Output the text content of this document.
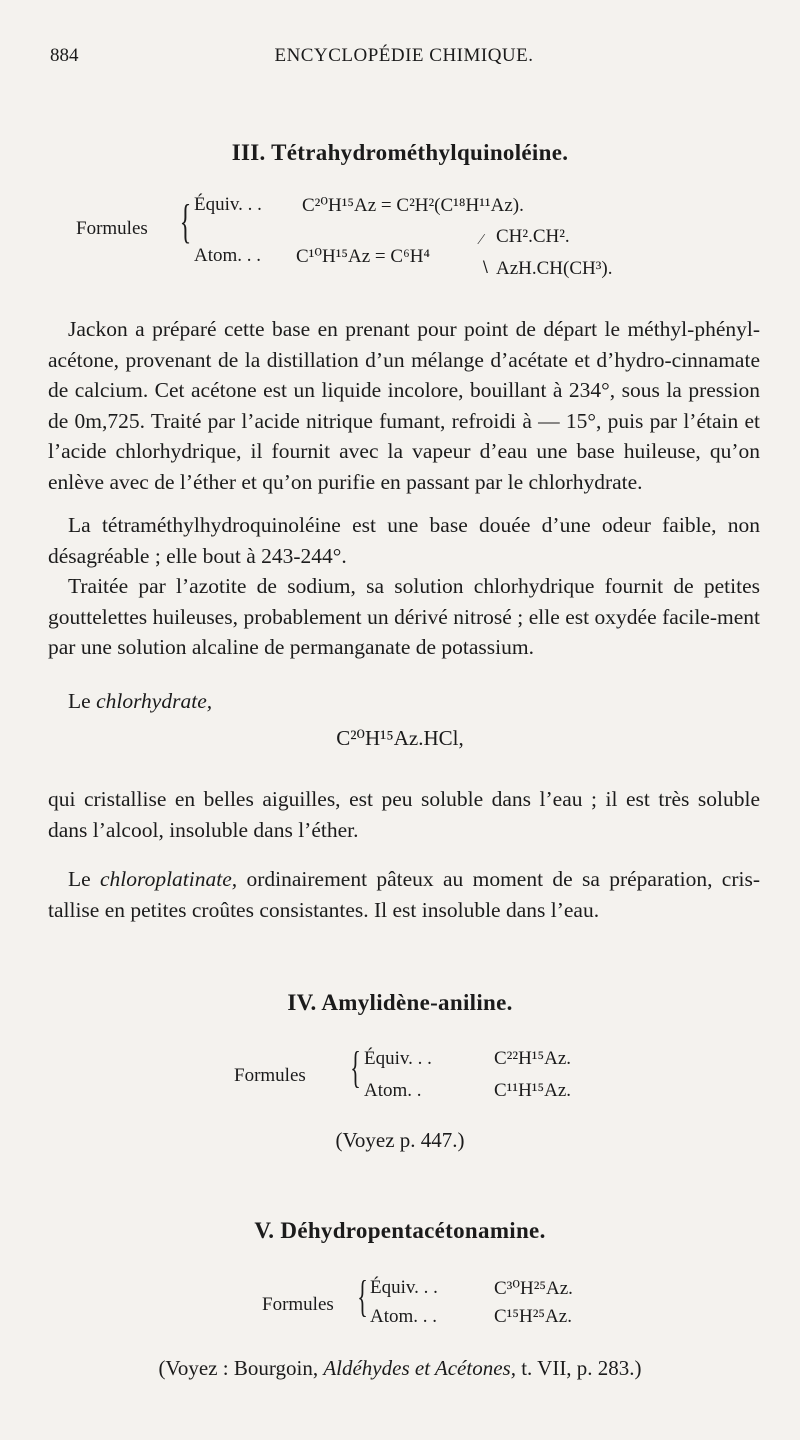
884	ENCYCLOPÉDIE CHIMIQUE.
III. Tétrahydrométhylquinoléine.
Formules { Équiv. . . C²⁰H¹⁵Az = C²H²(C¹⁸H¹¹Az).
Atom. . . C¹⁰H¹⁵Az = C⁶H⁴
∕ CH².CH².
∖ AzH.CH(CH³).

Jackon a préparé cette base en prenant pour point de départ le méthyl-phényl-acétone, provenant de la distillation d’un mélange d’acétate et d’hydro-cinnamate de calcium. Cet acétone est un liquide incolore, bouillant à 234°, sous la pression de 0m,725. Traité par l’acide nitrique fumant, refroidi à — 15°, puis par l’étain et l’acide chlorhydrique, il fournit avec la vapeur d’eau une base huileuse, qu’on enlève avec de l’éther et qu’on purifie en passant par le chlorhydrate.

La tétraméthylhydroquinoléine est une base douée d’une odeur faible, non désagréable ; elle bout à 243-244°.

Traitée par l’azotite de sodium, sa solution chlorhydrique fournit de petites gouttelettes huileuses, probablement un dérivé nitrosé ; elle est oxydée facile-ment par une solution alcaline de permanganate de potassium.

Le chlorhydrate,

C²⁰H¹⁵Az.HCl,

qui cristallise en belles aiguilles, est peu soluble dans l’eau ; il est très soluble dans l’alcool, insoluble dans l’éther.

Le chloroplatinate, ordinairement pâteux au moment de sa préparation, cris-tallise en petites croûtes consistantes. Il est insoluble dans l’eau.

IV. Amylidène-aniline.
Formules { Équiv. . .	C²²H¹⁵Az.
Atom. .	C¹¹H¹⁵Az.
(Voyez p. 447.)
V. Déhydropentacétonamine.
Formules { Équiv. . .	C³⁰H²⁵Az.
Atom. . .	C¹⁵H²⁵Az.
(Voyez : Bourgoin, Aldéhydes et Acétones, t. VII, p. 283.)
